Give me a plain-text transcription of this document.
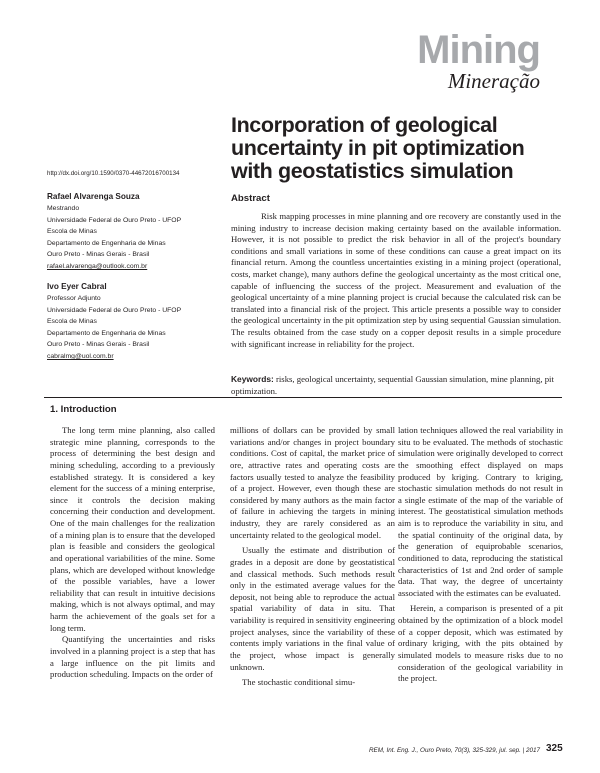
Mining
Mineração
Incorporation of geological uncertainty in pit optimization with geostatistics simulation
http://dx.doi.org/10.1590/0370-44672016700134
Rafael Alvarenga Souza
Mestrando
Universidade Federal de Ouro Preto - UFOP
Escola de Minas
Departamento de Engenharia de Minas
Ouro Preto - Minas Gerais - Brasil
rafael.alvarenga@outlook.com.br
Ivo Eyer Cabral
Professor Adjunto
Universidade Federal de Ouro Preto - UFOP
Escola de Minas
Departamento de Engenharia de Minas
Ouro Preto - Minas Gerais - Brasil
cabralmg@uol.com.br
Abstract
Risk mapping processes in mine planning and ore recovery are constantly used in the mining industry to increase decision making certainty based on the available information. However, it is not possible to predict the risk behavior in all of the project's boundary conditions and small variations in some of these conditions can cause a great impact on its financial return. Among the countless uncertainties existing in a mining project (operational, costs, market change), many authors define the geological uncertainty as the most critical one, capable of influencing the success of the project. Measurement and evaluation of the geological uncertainty of a mine planning project is crucial because the calculated risk can be translated into a financial risk of the project. This article presents a possible way to consider the geological uncertainty in the pit optimization step by using sequential Gaussian simulation. The results obtained from the case study on a copper deposit results in a simple procedure with significant increase in reliability for the project.
Keywords: risks, geological uncertainty, sequential Gaussian simulation, mine planning, pit optimization.
1. Introduction

The long term mine planning, also called strategic mine planning, corresponds to the process of determining the best design and mining scheduling, according to a previously established strategy. It is considered a key element for the success of a mining enterprise, since it controls the decision making concerning their conduction and development. One of the main challenges for the realization of a mining plan is to ensure that the developed plan is feasible and considers the geological and operational variabilities of the mine. Some plans, which are developed without knowledge of the possible variables, have a lower reliability that can result in intuitive decisions making, which is not always optimal, and may harm the achievement of the goals set for a long term.

Quantifying the uncertainties and risks involved in a planning project is a step that has a large influence on the pit limits and production scheduling. Impacts on the order of

millions of dollars can be provided by small variations and/or changes in project boundary conditions. Cost of capital, the market price of ore, attractive rates and operating costs are factors usually tested to analyze the feasibility of a project. However, even though these are considered by many authors as the main factor of failure in achieving the targets in mining industry, they are rarely considered as an uncertainty related to the geological model.

Usually the estimate and distribution of grades in a deposit are done by geostatistical and classical methods. Such methods result only in the estimated average values for the deposit, not being able to reproduce the actual spatial variability of data in situ. That variability is required in sensitivity engineering project analyses, since the variability of these contents imply variations in the final value of the project, whose impact is generally unknown.

The stochastic conditional simu-

lation techniques allowed the real variability in situ to be evaluated. The methods of stochastic simulation were originally developed to correct the smoothing effect displayed on maps produced by kriging. Contrary to kriging, stochastic simulation methods do not result in a single estimate of the map of the variable of interest. The geostatistical simulation methods aim is to reproduce the variability in situ, and the spatial continuity of the original data, by the generation of equiprobable scenarios, conditioned to data, reproducing the statistical characteristics of 1st and 2nd order of sample data. That way, the degree of uncertainty associated with the estimates can be evaluated.

Herein, a comparison is presented of a pit obtained by the optimization of a block model of a copper deposit, which was estimated by ordinary kriging, with the pits obtained by simulated models to measure risks due to no consideration of the geological variability in the project.

REM, Int. Eng. J., Ouro Preto, 70(3), 325-329, jul. sep. | 2017 325
